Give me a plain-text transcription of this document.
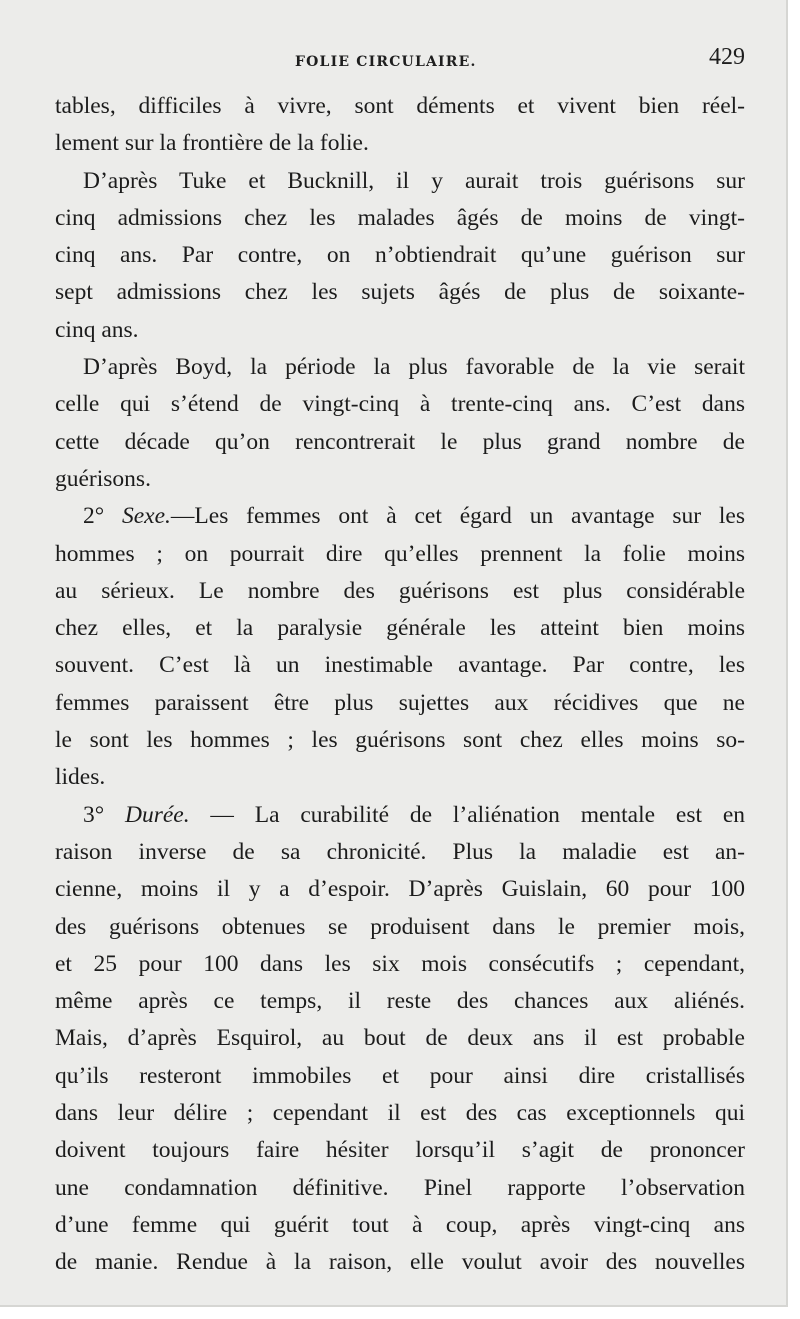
FOLIE CIRCULAIRE.	429
tables, difficiles à vivre, sont déments et vivent bien réel-
lement sur la frontière de la folie.
D’après Tuke et Bucknill, il y aurait trois guérisons sur
cinq admissions chez les malades âgés de moins de vingt-
cinq ans. Par contre, on n’obtiendrait qu’une guérison sur
sept admissions chez les sujets âgés de plus de soixante-
cinq ans.
D’après Boyd, la période la plus favorable de la vie serait
celle qui s’étend de vingt-cinq à trente-cinq ans. C’est dans
cette décade qu’on rencontrerait le plus grand nombre de
guérisons.
2° Sexe.—Les femmes ont à cet égard un avantage sur les
hommes ; on pourrait dire qu’elles prennent la folie moins
au sérieux. Le nombre des guérisons est plus considérable
chez elles, et la paralysie générale les atteint bien moins
souvent. C’est là un inestimable avantage. Par contre, les
femmes paraissent être plus sujettes aux récidives que ne
le sont les hommes ; les guérisons sont chez elles moins so-
lides.
3° Durée. — La curabilité de l’aliénation mentale est en
raison inverse de sa chronicité. Plus la maladie est an-
cienne, moins il y a d’espoir. D’après Guislain, 60 pour 100
des guérisons obtenues se produisent dans le premier mois,
et 25 pour 100 dans les six mois consécutifs ; cependant,
même après ce temps, il reste des chances aux aliénés.
Mais, d’après Esquirol, au bout de deux ans il est probable
qu’ils resteront immobiles et pour ainsi dire cristallisés
dans leur délire ; cependant il est des cas exceptionnels qui
doivent toujours faire hésiter lorsqu’il s’agit de prononcer
une condamnation définitive. Pinel rapporte l’observation
d’une femme qui guérit tout à coup, après vingt-cinq ans
de manie. Rendue à la raison, elle voulut avoir des nouvelles
